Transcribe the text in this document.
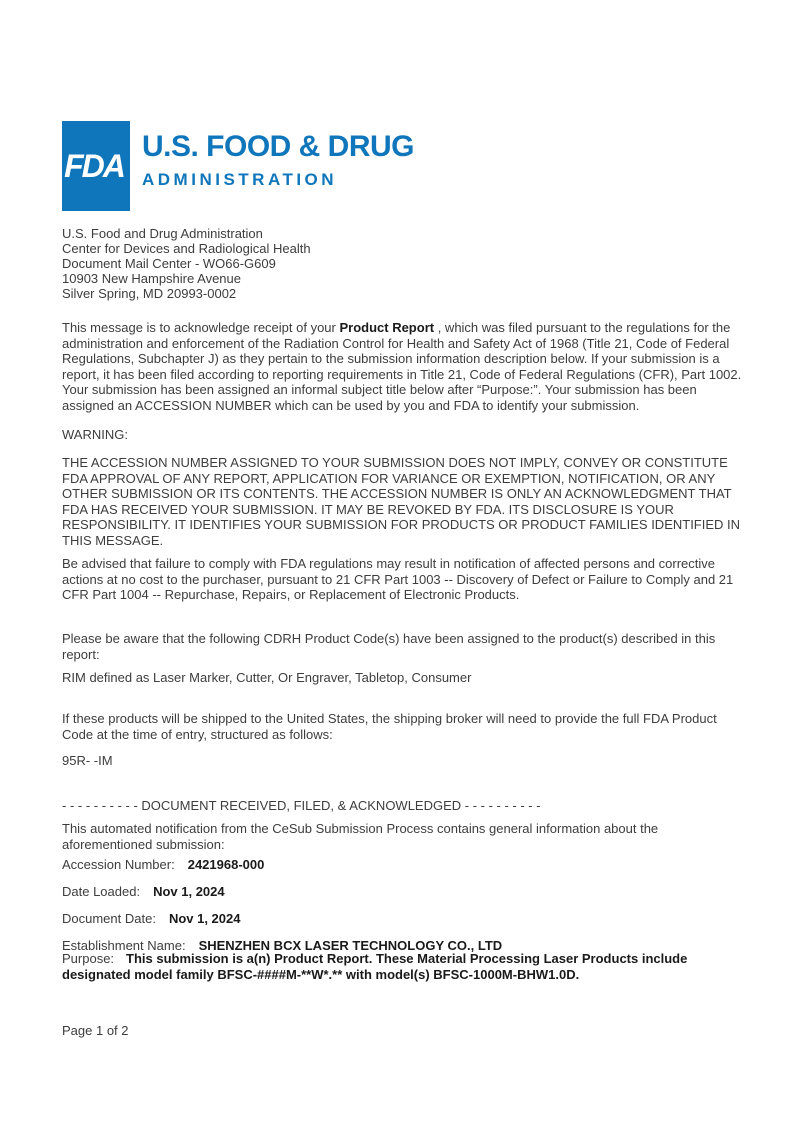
FDA
U.S. FOOD & DRUG
ADMINISTRATION
U.S. Food and Drug Administration
Center for Devices and Radiological Health
Document Mail Center - WO66-G609
10903 New Hampshire Avenue
Silver Spring, MD 20993-0002

This message is to acknowledge receipt of your Product Report , which was filed pursuant to the regulations for the administration and enforcement of the Radiation Control for Health and Safety Act of 1968 (Title 21, Code of Federal Regulations, Subchapter J) as they pertain to the submission information description below. If your submission is a report, it has been filed according to reporting requirements in Title 21, Code of Federal Regulations (CFR), Part 1002. Your submission has been assigned an informal subject title below after “Purpose:”. Your submission has been assigned an ACCESSION NUMBER which can be used by you and FDA to identify your submission.

WARNING:

THE ACCESSION NUMBER ASSIGNED TO YOUR SUBMISSION DOES NOT IMPLY, CONVEY OR CONSTITUTE FDA APPROVAL OF ANY REPORT, APPLICATION FOR VARIANCE OR EXEMPTION, NOTIFICATION, OR ANY OTHER SUBMISSION OR ITS CONTENTS. THE ACCESSION NUMBER IS ONLY AN ACKNOWLEDGMENT THAT FDA HAS RECEIVED YOUR SUBMISSION. IT MAY BE REVOKED BY FDA. ITS DISCLOSURE IS YOUR RESPONSIBILITY. IT IDENTIFIES YOUR SUBMISSION FOR PRODUCTS OR PRODUCT FAMILIES IDENTIFIED IN THIS MESSAGE.

Be advised that failure to comply with FDA regulations may result in notification of affected persons and corrective actions at no cost to the purchaser, pursuant to 21 CFR Part 1003 -- Discovery of Defect or Failure to Comply and 21 CFR Part 1004 -- Repurchase, Repairs, or Replacement of Electronic Products.

Please be aware that the following CDRH Product Code(s) have been assigned to the product(s) described in this report:

RIM defined as Laser Marker, Cutter, Or Engraver, Tabletop, Consumer

If these products will be shipped to the United States, the shipping broker will need to provide the full FDA Product Code at the time of entry, structured as follows:

95R- -IM

- - - - - - - - - - DOCUMENT RECEIVED, FILED, & ACKNOWLEDGED - - - - - - - - - -

This automated notification from the CeSub Submission Process contains general information about the aforementioned submission:

Accession Number: 2421968-000
Date Loaded: Nov 1, 2024
Document Date: Nov 1, 2024
Establishment Name: SHENZHEN BCX LASER TECHNOLOGY CO., LTD

Purpose: This submission is a(n) Product Report. These Material Processing Laser Products include designated model family BFSC-####M-**W*.** with model(s) BFSC-1000M-BHW1.0D.

Page 1 of 2
